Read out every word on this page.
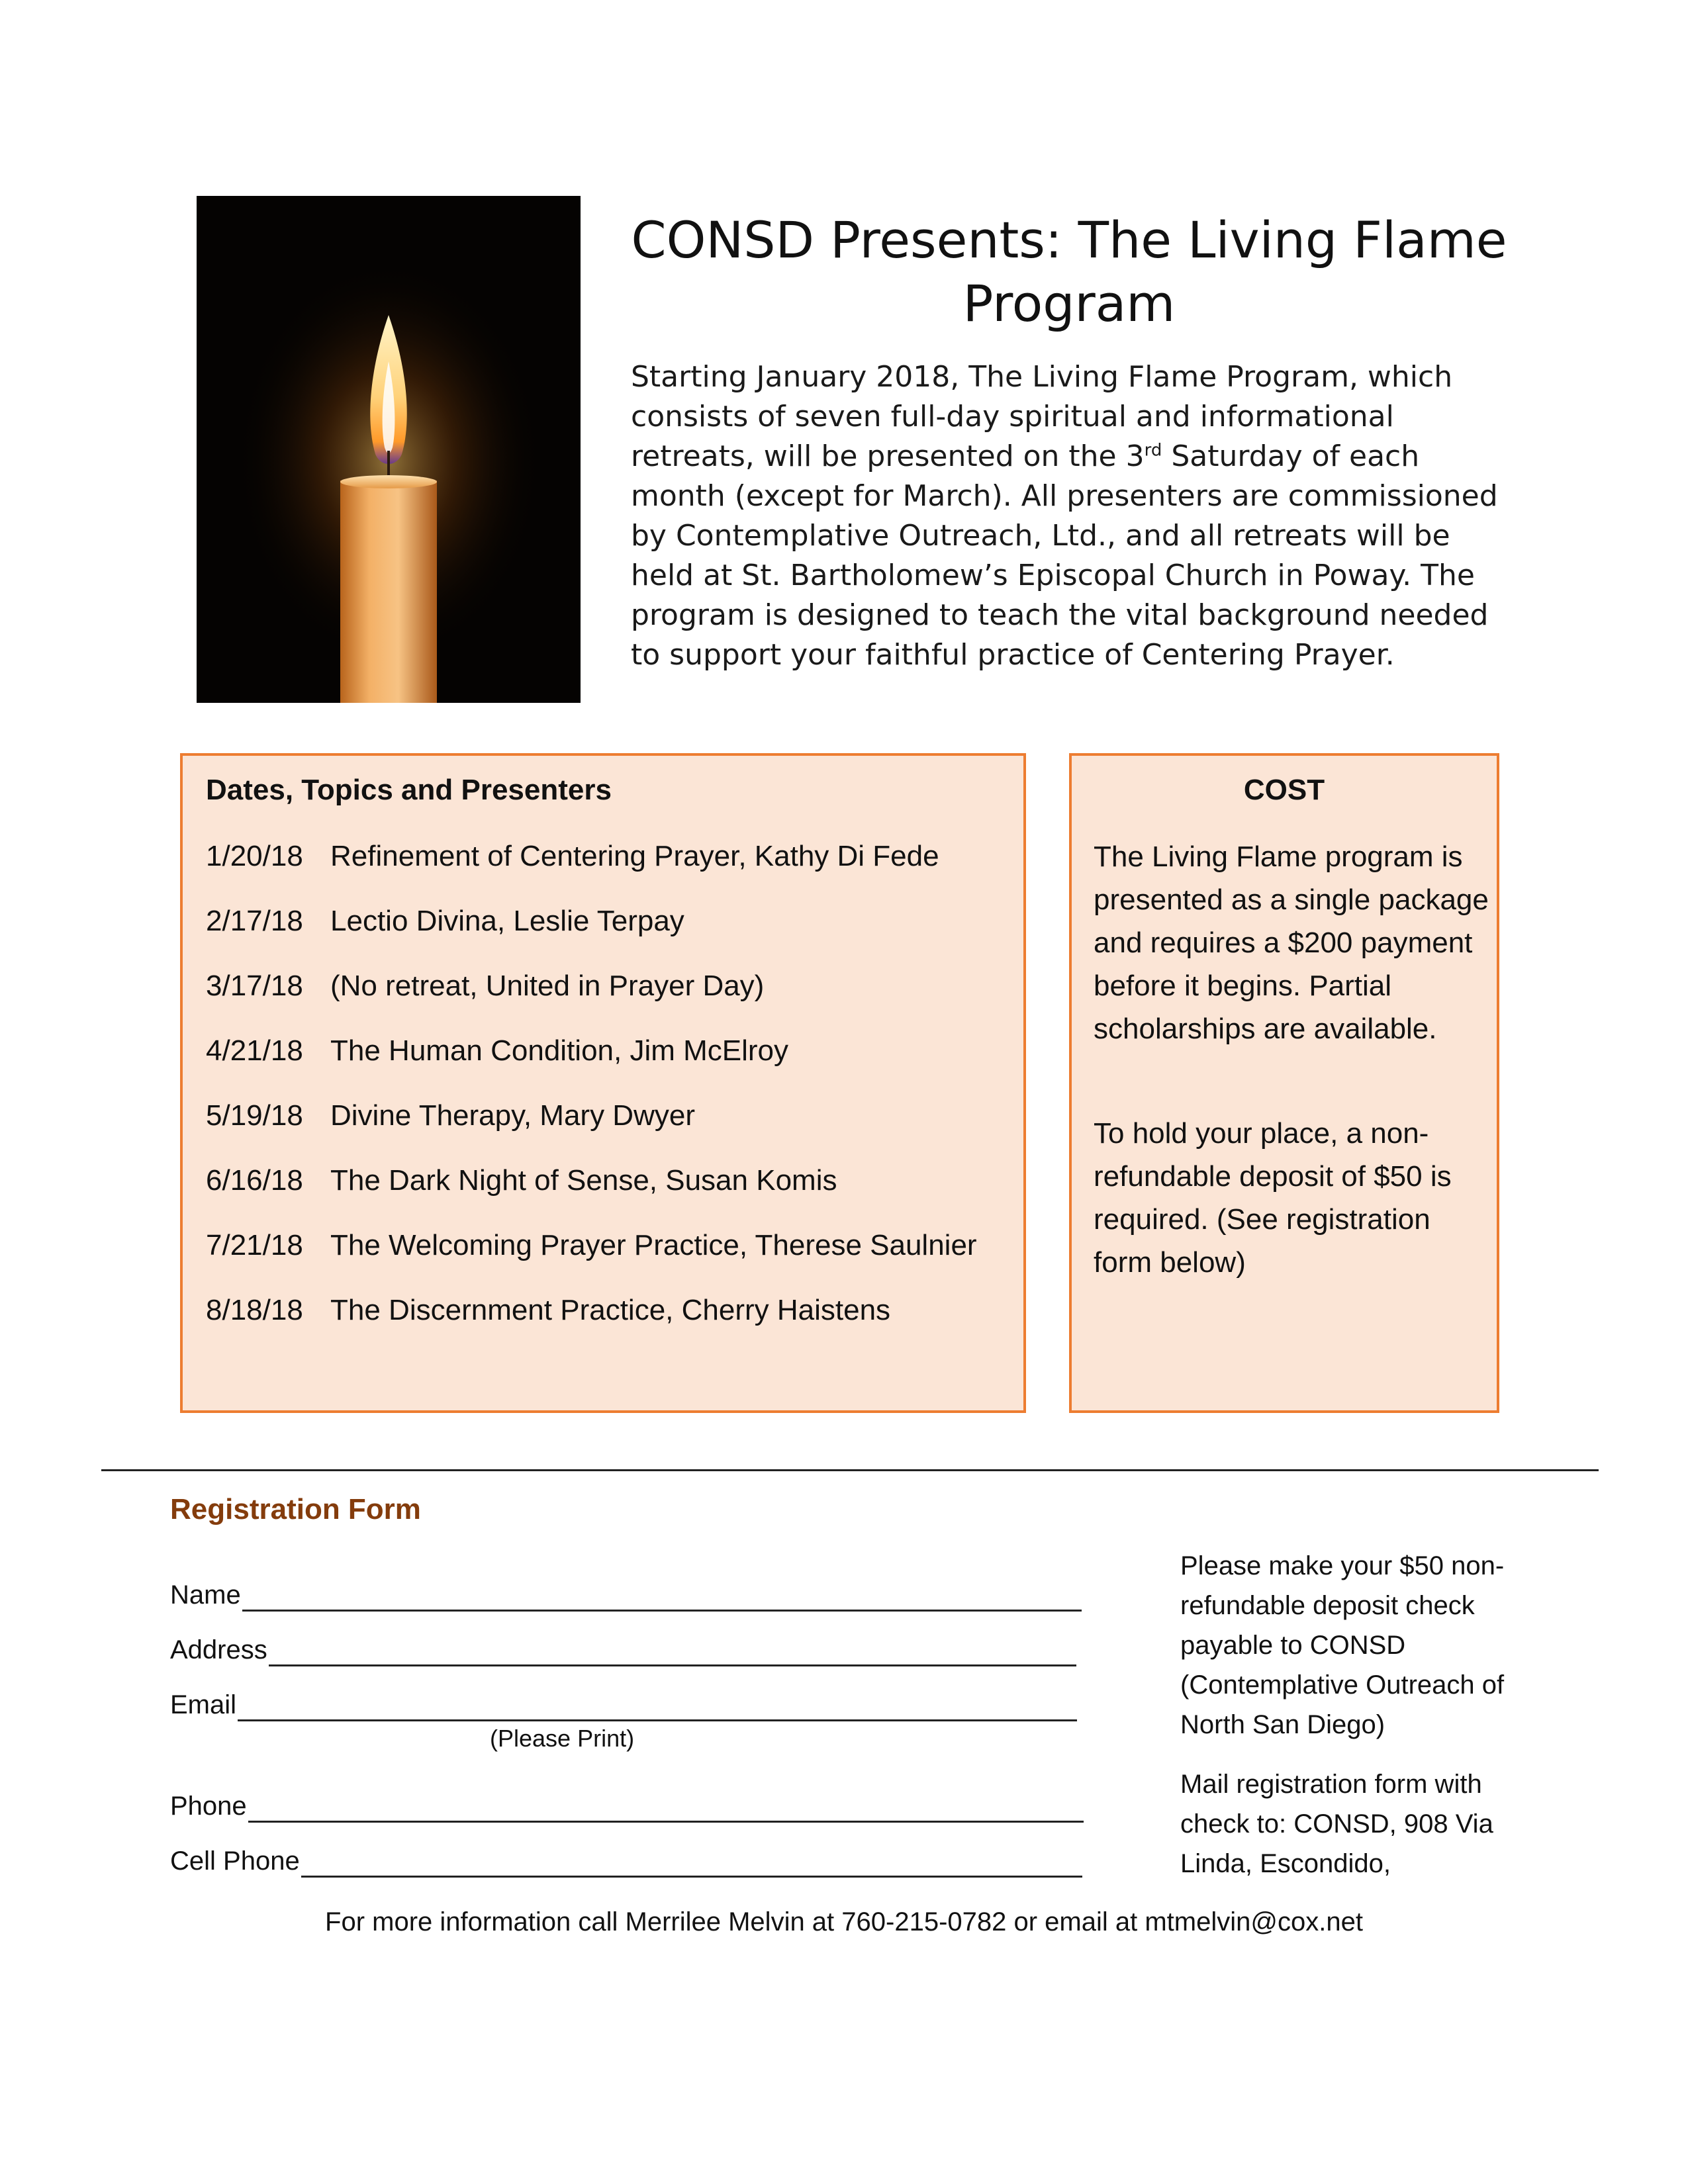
CONSD Presents: The Living Flame
Program
Starting January 2018, The Living Flame Program, which consists of seven full-day spiritual and informational retreats, will be presented on the 3rd Saturday of each month (except for March). All presenters are commissioned by Contemplative Outreach, Ltd., and all retreats will be held at St. Bartholomew’s Episcopal Church in Poway. The program is designed to teach the vital background needed to support your faithful practice of Centering Prayer.
Dates, Topics and Presenters
1/20/18 Refinement of Centering Prayer, Kathy Di Fede
2/17/18 Lectio Divina, Leslie Terpay
3/17/18 (No retreat, United in Prayer Day)
4/21/18 The Human Condition, Jim McElroy
5/19/18 Divine Therapy, Mary Dwyer
6/16/18 The Dark Night of Sense, Susan Komis
7/21/18 The Welcoming Prayer Practice, Therese Saulnier
8/18/18 The Discernment Practice, Cherry Haistens
COST

The Living Flame program is presented as a single package and requires a $200 payment before it begins. Partial scholarships are available.

To hold your place, a non-refundable deposit of $50 is required. (See registration form below)

Registration Form
Name
Address
Email
(Please Print)
Phone
Cell Phone

Please make your $50 non-refundable deposit check payable to CONSD (Contemplative Outreach of North San Diego)

Mail registration form with check to: CONSD, 908 Via Linda, Escondido,

For more information call Merrilee Melvin at 760-215-0782 or email at mtmelvin@cox.net
